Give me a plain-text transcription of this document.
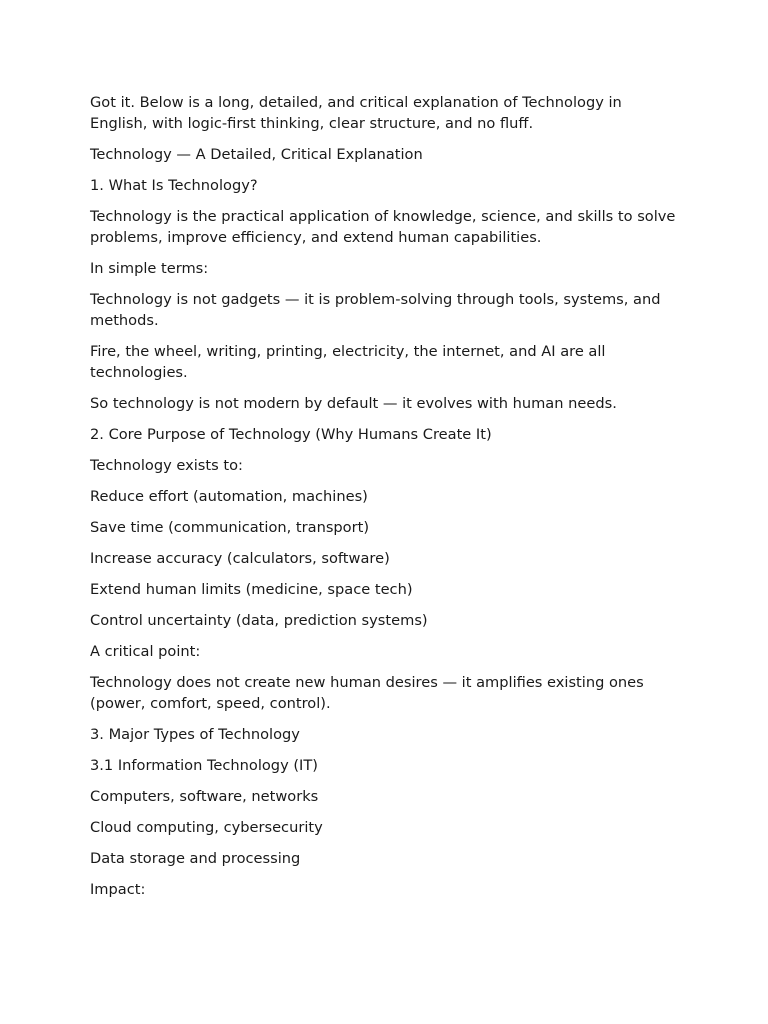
Got it. Below is a long, detailed, and critical explanation of Technology in English, with logic-first thinking, clear structure, and no fluff.

Technology — A Detailed, Critical Explanation

1. What Is Technology?

Technology is the practical application of knowledge, science, and skills to solve problems, improve efficiency, and extend human capabilities.

In simple terms:

Technology is not gadgets — it is problem-solving through tools, systems, and methods.

Fire, the wheel, writing, printing, electricity, the internet, and AI are all technologies.

So technology is not modern by default — it evolves with human needs.

2. Core Purpose of Technology (Why Humans Create It)

Technology exists to:

Reduce effort (automation, machines)

Save time (communication, transport)

Increase accuracy (calculators, software)

Extend human limits (medicine, space tech)

Control uncertainty (data, prediction systems)

A critical point:

Technology does not create new human desires — it amplifies existing ones (power, comfort, speed, control).

3. Major Types of Technology

3.1 Information Technology (IT)

Computers, software, networks

Cloud computing, cybersecurity

Data storage and processing

Impact:
